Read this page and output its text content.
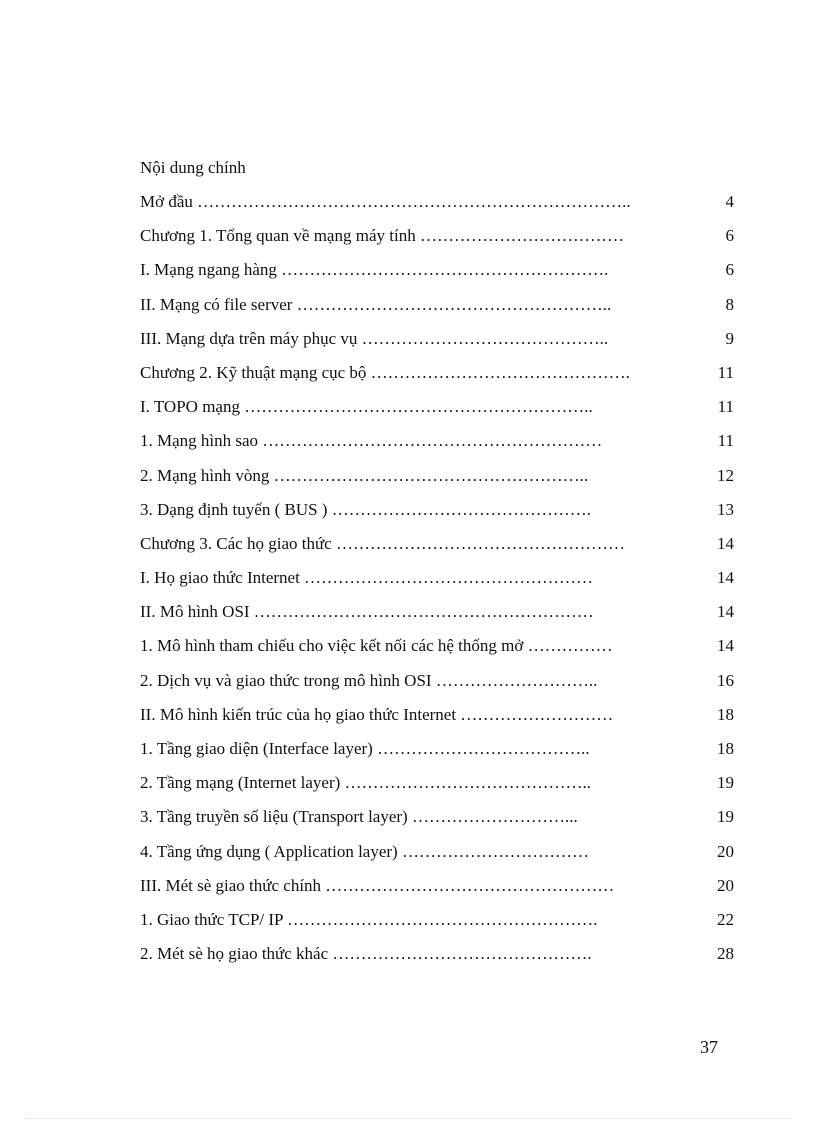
Nội dung chính
Mở đầu …………………………………………………………………..	4
Chương 1. Tổng quan về mạng máy tính ………………………………	6
I. Mạng ngang hàng ………………………………………………….	6
II. Mạng có file server ………………………………………………..	8
III. Mạng dựa trên máy phục vụ ……………………………………..	9
Chương 2. Kỹ thuật mạng cục bộ ……………………………………….	11
I. TOPO mạng ……………………………………………………..	11
1. Mạng hình sao ……………………………………………………	11
2. Mạng hình vòng ………………………………………………..	12
3. Dạng định tuyến ( BUS ) ……………………………………….	13
Chương 3. Các họ giao thức ……………………………………………	14
I. Họ giao thức Internet ……………………………………………	14
II. Mô hình OSI ……………………………………………………	14
1. Mô hình tham chiếu cho việc kết nối các hệ thống mở ……………	14
2. Dịch vụ và giao thức trong mô hình OSI ………………………..	16
II. Mô hình kiến trúc của họ giao thức Internet ………………………	18
1. Tầng giao diện (Interface layer) ………………………………..	18
2. Tầng mạng (Internet layer) ……………………………………..	19
3. Tầng truyền số liệu (Transport layer) ………………………...	19
4. Tầng ứng dụng ( Application layer) ……………………………	20
III. Mét sè giao thức chính ……………………………………………	20
1. Giao thức TCP/ IP ……………………………………………….	22
2. Mét sè họ giao thức khác ……………………………………….	28
37
